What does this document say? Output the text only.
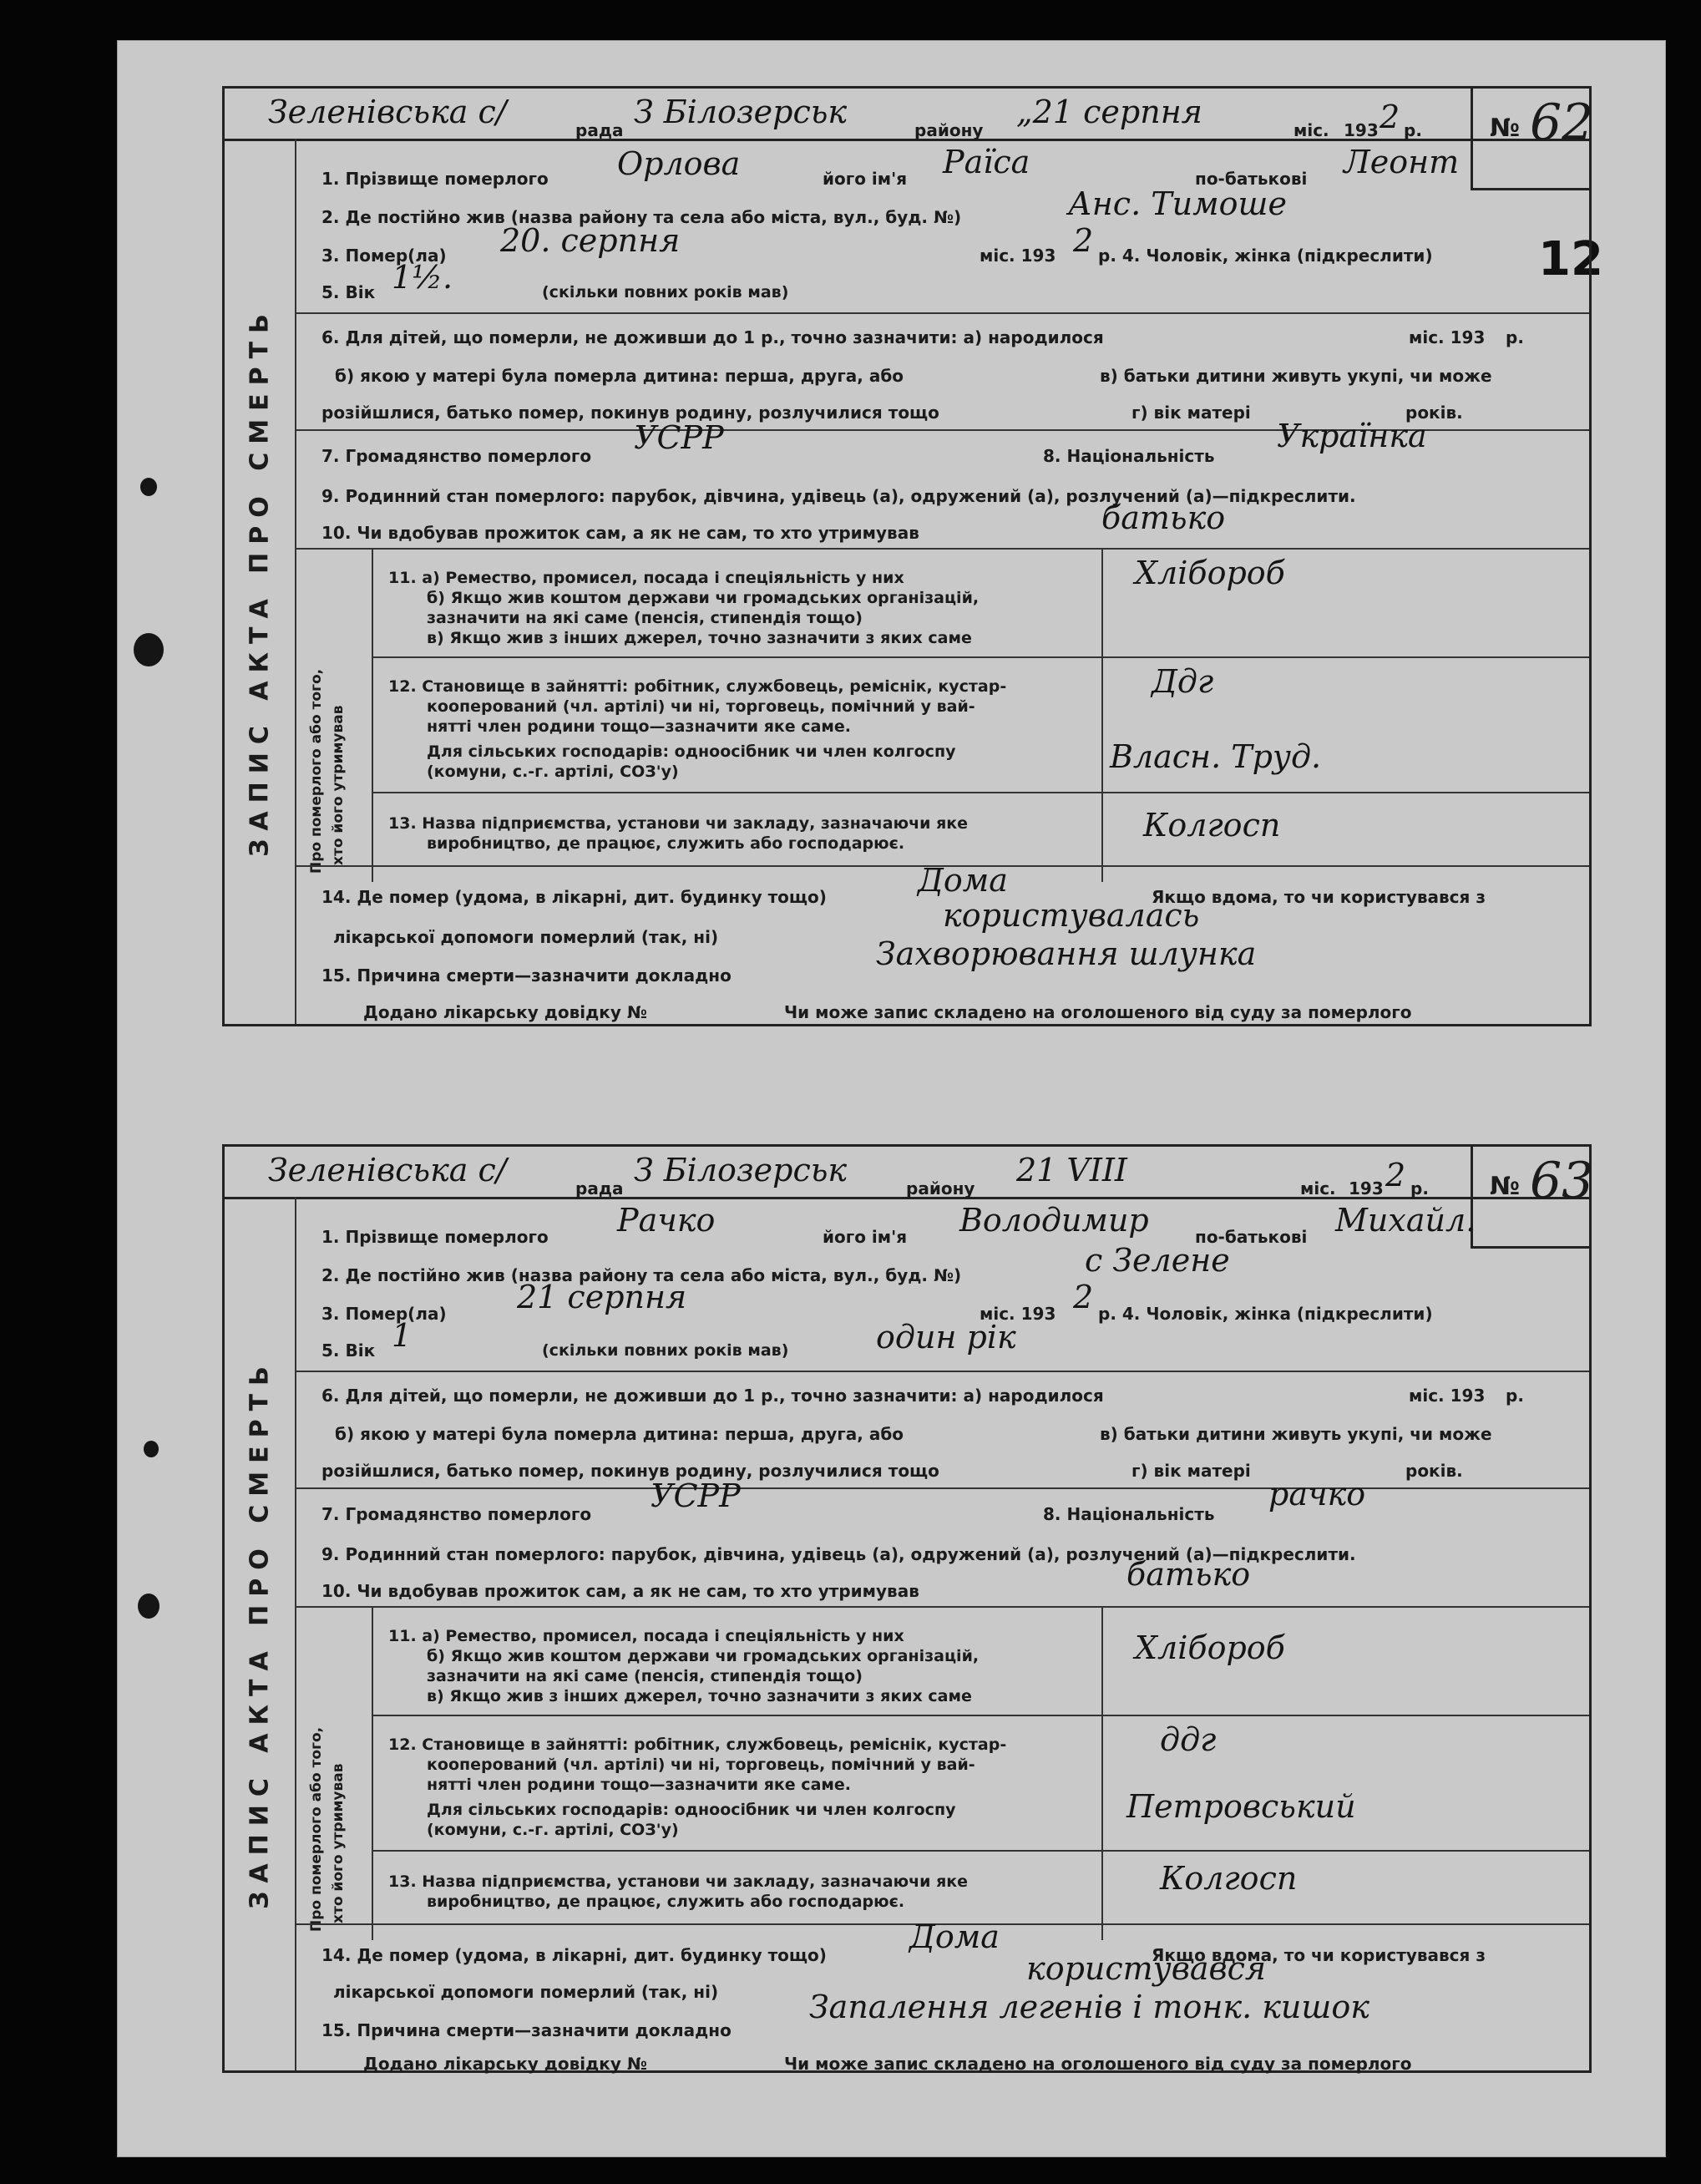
12
ЗАПИС АКТА ПРО СМЕРТЬ
№ 62
Зеленівська с/	рада З Білозерськ	району „21 серпня	міс. 193 2 р.
1. Прізвище померлого Орлова	його ім'я Раїса	по-батькові Леонт
2. Де постійно жив (назва району та села або міста, вул., буд. №)	Анс. Тимоше
3. Помер(ла) 20. серпня	міс. 193 2 р. 4. Чоловік, жінка (підкреслити)
5. Вік 1½.	(скільки повних років мав)
6. Для дітей, що померли, не доживши до 1 р., точно зазначити: а) народилося	міс. 193 р.
б) якою у матері була померла дитина: перша, друга, або	в) батьки дитини живуть укупі, чи може
розійшлися, батько помер, покинув родину, розлучилися тощо	г) вік матері	років.
7. Громадянство померлого УСРР	8. Національність
Українка
9. Родинний стан померлого: парубок, дівчина, удівець (а), одружений (а), розлучений (а)—підкреслити.
10. Чи вдобував прожиток сам, а як не сам, то хто утримував	батько
Про померлого або того, хто його утримував
11. а) Ремество, промисел, посада і спеціяльність у них
б) Якщо жив коштом держави чи громадських організацій,
зазначити на які саме (пенсія, стипендія тощо)
в) Якщо жив з інших джерел, точно зазначити з яких саме
Хлібороб
12. Становище в зайнятті: робітник, службовець, реміснік, кустар-
кооперований (чл. артілі) чи ні, торговець, помічний у вай-
нятті член родини тощо—зазначити яке саме.
Для сільських господарів: одноосібник чи член колгоспу
(комуни, с.-г. артілі, СОЗ'у)
Ддг
Власн. Труд.
13. Назва підприємства, установи чи закладу, зазначаючи яке
виробництво, де працює, служить або господарює.	Колгосп
14. Де помер (удома, в лікарні, дит. будинку тощо)	Дома	Якщо вдома, то чи користувався з
лікарської допомоги померлий (так, ні)
користувалась
15. Причина смерти—зазначити докладно
Захворювання шлунка
Додано лікарську довідку №	Чи може запис складено на оголошеного від суду за померлого
ЗАПИС АКТА ПРО СМЕРТЬ
№ 63
Зеленівська с/	рада З Білозерськ	району 21 VIII	міс. 193 2 р.
1. Прізвище померлого Рачко	його ім'я Володимир	по-батькові Михайл.
2. Де постійно жив (назва району та села або міста, вул., буд. №)	с Зелене
3. Помер(ла) 21 серпня	міс. 193 2 р. 4. Чоловік, жінка (підкреслити)
5. Вік 1	(скільки повних років мав)	один рік
6. Для дітей, що померли, не доживши до 1 р., точно зазначити: а) народилося	міс. 193 р.
б) якою у матері була померла дитина: перша, друга, або	в) батьки дитини живуть укупі, чи може
розійшлися, батько помер, покинув родину, розлучилися тощо	г) вік матері	років.
7. Громадянство померлого УСРР	8. Національність
рачко
9. Родинний стан померлого: парубок, дівчина, удівець (а), одружений (а), розлучений (а)—підкреслити.
10. Чи вдобував прожиток сам, а як не сам, то хто утримував	батько
Про померлого або того, хто його утримував
11. а) Ремество, промисел, посада і спеціяльність у них
б) Якщо жив коштом держави чи громадських організацій,
зазначити на які саме (пенсія, стипендія тощо)
в) Якщо жив з інших джерел, точно зазначити з яких саме
Хлібороб
12. Становище в зайнятті: робітник, службовець, реміснік, кустар-
кооперований (чл. артілі) чи ні, торговець, помічний у вай-
нятті член родини тощо—зазначити яке саме.
Для сільських господарів: одноосібник чи член колгоспу
(комуни, с.-г. артілі, СОЗ'у)
ддг
Петровський
13. Назва підприємства, установи чи закладу, зазначаючи яке
виробництво, де працює, служить або господарює.
Колгосп
14. Де помер (удома, в лікарні, дит. будинку тощо)	Дома	Якщо вдома, то чи користувався з
лікарської допомоги померлий (так, ні)
користувався
15. Причина смерти—зазначити докладно
Запалення легенів і тонк. кишок
Додано лікарську довідку №	Чи може запис складено на оголошеного від суду за померлого
